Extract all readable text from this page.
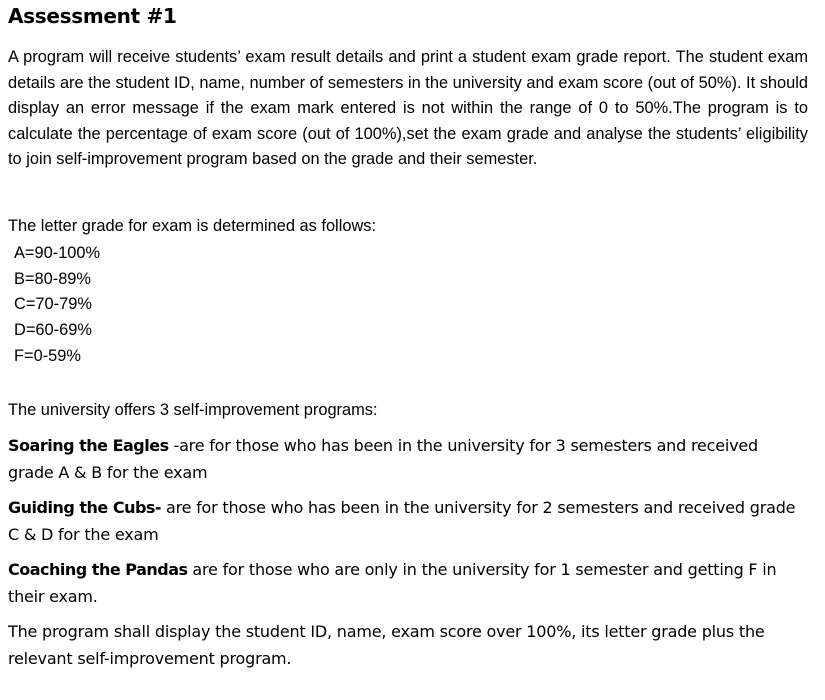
Assessment #1

A program will receive students’ exam result details and print a student exam grade report. The student exam details are the student ID, name, number of semesters in the university and exam score (out of 50%). It should display an error message if the exam mark entered is not within the range of 0 to 50%.The program is to calculate the percentage of exam score (out of 100%),set the exam grade and analyse the students’ eligibility to join self-improvement program based on the grade and their semester.

The letter grade for exam is determined as follows:

A=90-100%
B=80-89%
C=70-79%
D=60-69%
F=0-59%

The university offers 3 self-improvement programs:

Soaring the Eagles -are for those who has been in the university for 3 semesters and received grade A & B for the exam

Guiding the Cubs- are for those who has been in the university for 2 semesters and received grade C & D for the exam

Coaching the Pandas are for those who are only in the university for 1 semester and getting F in their exam.

The program shall display the student ID, name, exam score over 100%, its letter grade plus the relevant self-improvement program.
